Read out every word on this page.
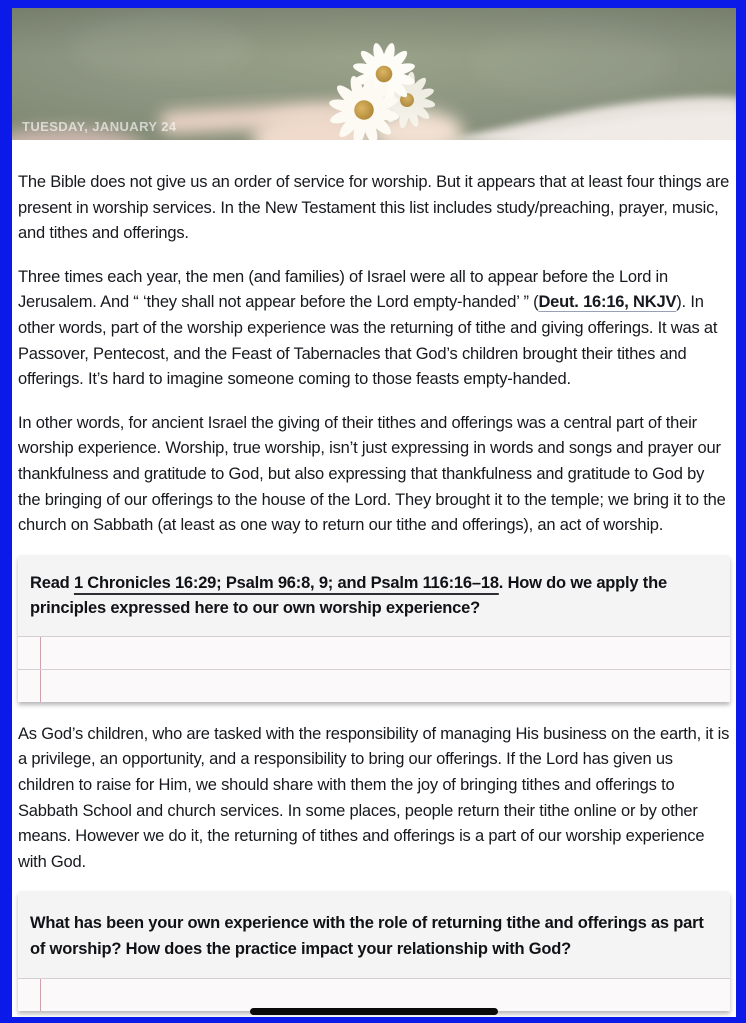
TUESDAY, JANUARY 24

The Bible does not give us an order of service for worship. But it appears that at least four things are present in worship services. In the New Testament this list includes study/preaching, prayer, music, and tithes and offerings.

Three times each year, the men (and families) of Israel were all to appear before the Lord in Jerusalem. And “ ‘they shall not appear before the Lord empty-handed’ ” (Deut. 16:16, NKJV). In other words, part of the worship experience was the returning of tithe and giving offerings. It was at Passover, Pentecost, and the Feast of Tabernacles that God’s children brought their tithes and offerings. It’s hard to imagine someone coming to those feasts empty-handed.

In other words, for ancient Israel the giving of their tithes and offerings was a central part of their worship experience. Worship, true worship, isn’t just expressing in words and songs and prayer our thankfulness and gratitude to God, but also expressing that thankfulness and gratitude to God by the bringing of our offerings to the house of the Lord. They brought it to the temple; we bring it to the church on Sabbath (at least as one way to return our tithe and offerings), an act of worship.

Read 1 Chronicles 16:29; Psalm 96:8, 9; and Psalm 116:16–18. How do we apply the principles expressed here to our own worship experience?

As God’s children, who are tasked with the responsibility of managing His business on the earth, it is a privilege, an opportunity, and a responsibility to bring our offerings. If the Lord has given us children to raise for Him, we should share with them the joy of bringing tithes and offerings to Sabbath School and church services. In some places, people return their tithe online or by other means. However we do it, the returning of tithes and offerings is a part of our worship experience with God.

What has been your own experience with the role of returning tithe and offerings as part of worship? How does the practice impact your relationship with God?
